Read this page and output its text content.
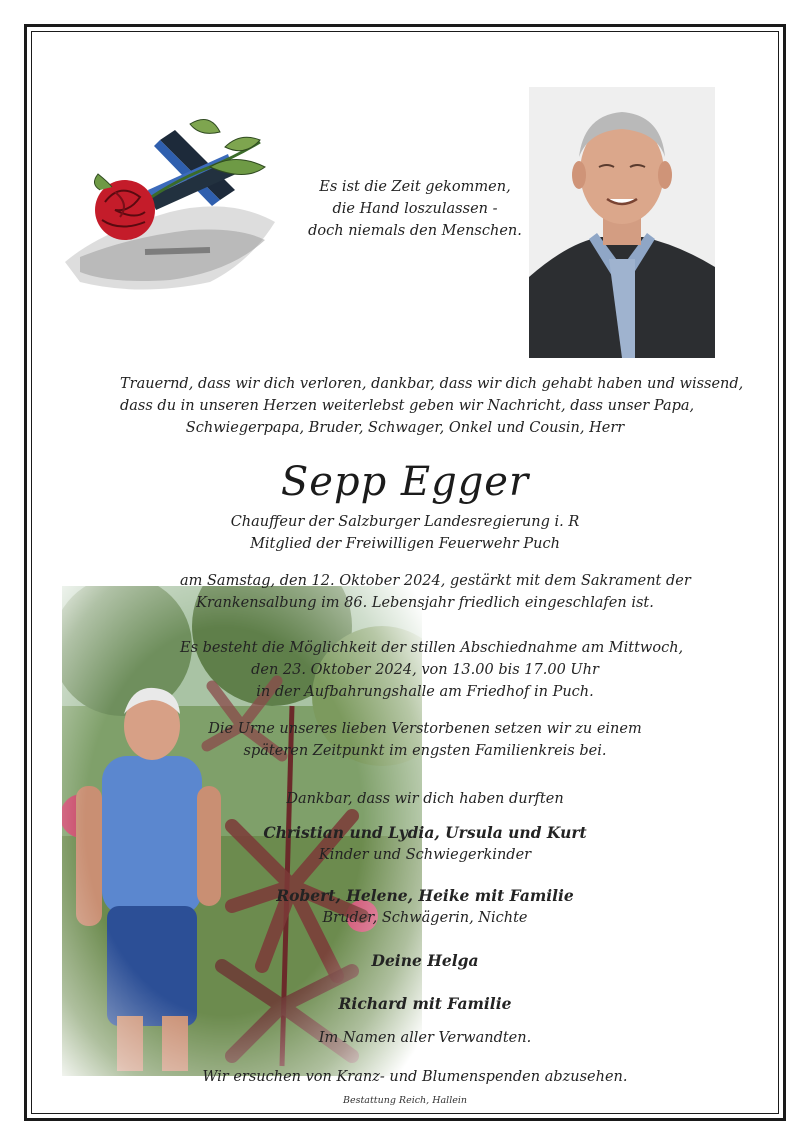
Es ist die Zeit gekommen,
die Hand loszulassen -
doch niemals den Menschen.
Trauernd, dass wir dich verloren, dankbar, dass wir dich gehabt haben und wissend,
dass du in unseren Herzen weiterlebst geben wir Nachricht, dass unser Papa,
Schwiegerpapa, Bruder, Schwager, Onkel und Cousin, Herr
Sepp Egger
Chauffeur der Salzburger Landesregierung i. R
Mitglied der Freiwilligen Feuerwehr Puch
am Samstag, den 12. Oktober 2024, gestärkt mit dem Sakrament der
Krankensalbung im 86. Lebensjahr friedlich eingeschlafen ist.
Es besteht die Möglichkeit der stillen Abschiednahme am Mittwoch,
den 23. Oktober 2024, von 13.00 bis 17.00 Uhr
in der Aufbahrungshalle am Friedhof in Puch.
Die Urne unseres lieben Verstorbenen setzen wir zu einem
späteren Zeitpunkt im engsten Familienkreis bei.
Dankbar, dass wir dich haben durften
Christian und Lydia, Ursula und Kurt
Kinder und Schwiegerkinder
Robert, Helene, Heike mit Familie
Bruder, Schwägerin, Nichte
Deine Helga
Richard mit Familie
Im Namen aller Verwandten.
Wir ersuchen von Kranz- und Blumenspenden abzusehen.
Bestattung Reich, Hallein
